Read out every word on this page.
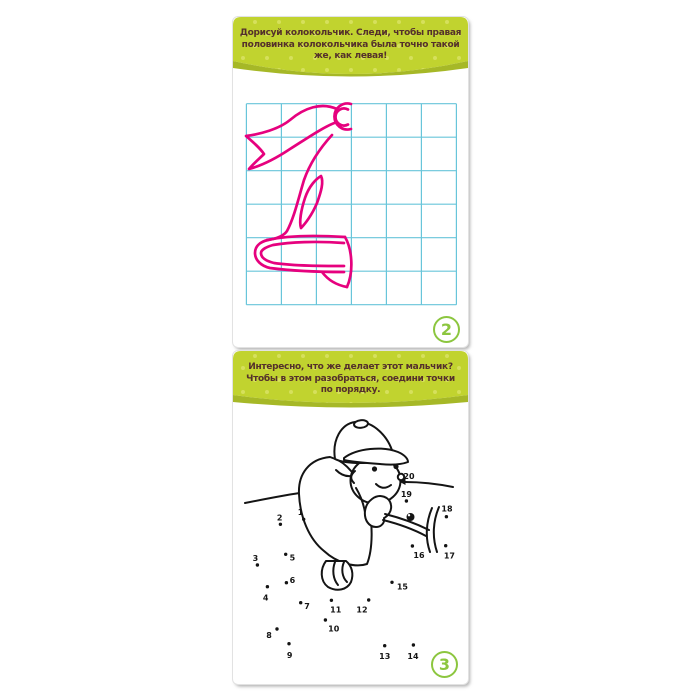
Дорисуй колокольчик. Следи, чтобы правая
половинка колокольчика была точно такой
же, как левая!
2
Интересно, что же делает этот мальчик?
Чтобы в этом разобраться, соедини точки
по порядку.
1
2
3
4
5
6
7
8
9
10
11 12
13 14
15
16 17
18
19
20
3
